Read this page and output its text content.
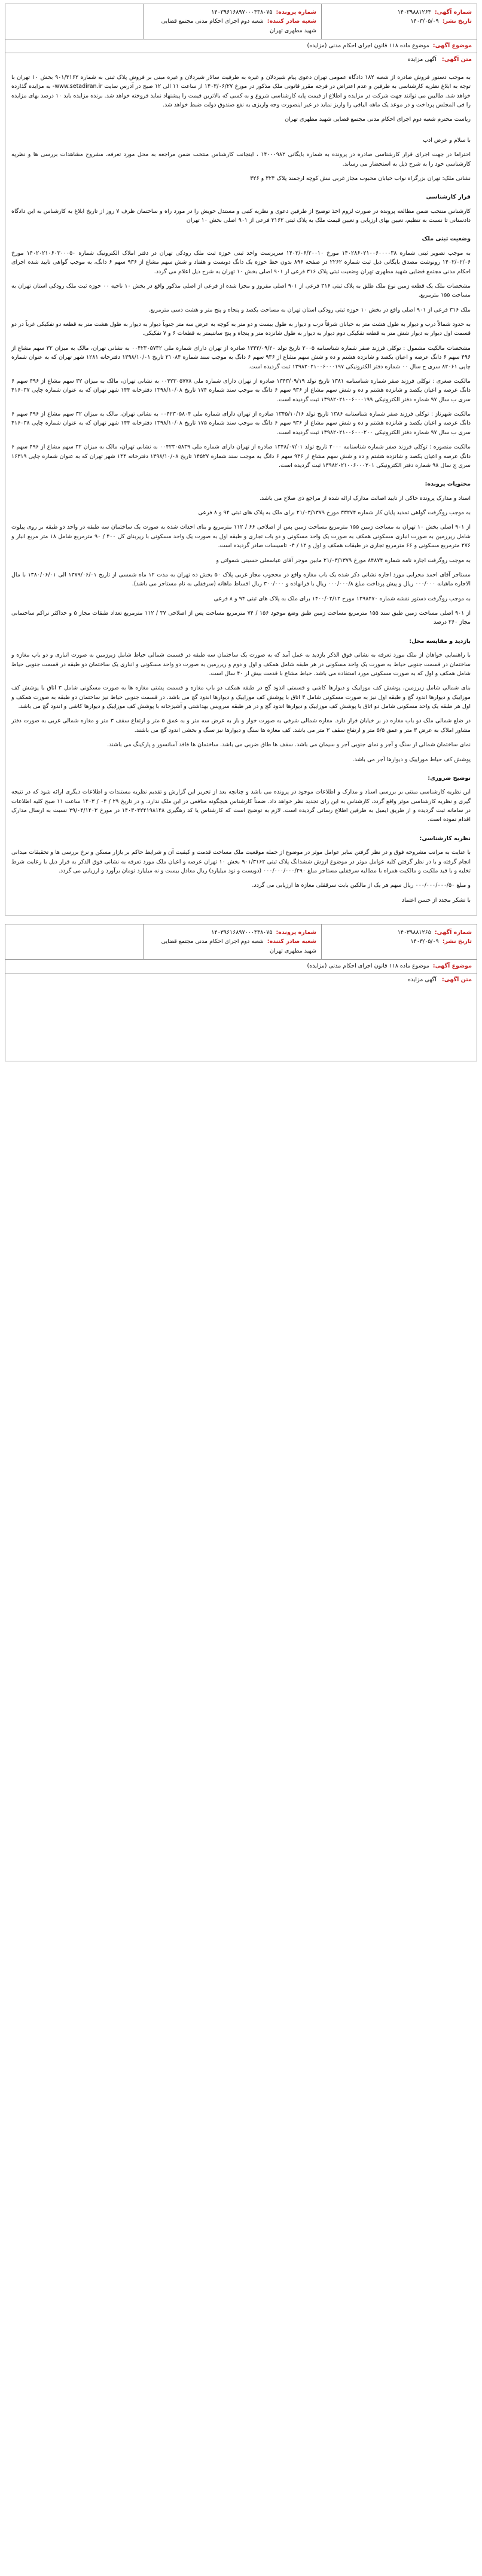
شماره آگهی:۱۴۰۳۹۸۸۱۲۶۴
تاریخ نشر:۱۴۰۳/۰۵/۰۹
شماره پرونده:۱۴۰۳۹۶۱۶۸۹۷۰۰۰۴۳۸۰۷۵
شعبه صادر کننده:شعبه دوم اجرای احکام مدنی مجتمع قضایی شهید مطهری تهران
موضوع آگهی:
موضوع ماده ۱۱۸ قانون اجرای احکام مدنی (مزایده)
متن آگهی: آگهی مزایده

به موجب دستور فروش صادره از شعبه ۱۸۲ دادگاه عمومی تهران دعوی پیام شیردلان و غیره به طرفیت سالار شیردلان و غیره مبنی بر فروش پلاک ثبتی به شماره ۹۰۱/۳۱۶۲ بخش ۱۰ تهران با توجه به ابلاغ نظریه کارشناسی به طرفین و عدم اعتراض در فرجه مقرر قانونی ملک مذکور در مورخ ۱۴۰۳/۰۶/۲۷ از ساعت ۱۱ الی ۱۲ صبح در آدرس سایت www.setadiran.ir- به مزایده گذارده خواهد شد. طالبین می توانند جهت شرکت در مزایده و اطلاع از قیمت پایه کارشناسی شروع و به کسی که بالاترین قیمت را پیشنهاد نماید فروخته خواهد شد. برنده مزایده باید ۱۰ درصد بهای مزایده را فی المجلس پرداخت و در موعد یک ماهه الباقی را واریز نماید در غیر اینصورت وجه واریزی به نفع صندوق دولت ضبط خواهد شد.

ریاست محترم شعبه دوم اجرای احکام مدنی مجتمع قضایی شهید مطهری تهران

با سلام و عرض ادب

احتراما در جهت اجرای قرار کارشناسی صادره در پرونده به شماره بایگانی ۱۴۰۰۰۹۸۲ ، اینجانب کارشناس منتخب ضمن مراجعه به محل مورد تعرفه، مشروح مشاهدات بررسی ها و نظریه کارشناسی خود را به شرح ذیل به استحضار می رساند.

نشانی ملک: تهران بزرگراه نواب خیابان محبوب مجاز غربی نبش کوچه ارجمند پلاک ۳۲۴ و ۳۲۶

قرار کارشناسی

کارشناس منتخب ضمن مطالعه پرونده در صورت لزوم اخذ توضیح از طرفین دعوی و نظریه کتبی و مستدل خویش را در مورد راه و ساختمان ظرف ۷ روز از تاریخ ابلاغ به کارشناس به این دادگاه دادستانی تا نسبت به تنظیم، تعیین بهای ارزیابی و تعیین قیمت ملک به پلاک ثبتی ۳۱۶۲ فرعی از ۹۰۱ اصلی بخش ۱۰ تهران

وضعیت ثبتی ملک

به موجب تصویر ثبتی شماره ۱۴۰۲۸۶۰۲۱۰۰۶۰۰۰۰۳۸ مورخ ۱۴۰۲/۰۶/۲۰۰۱۰ سرپرست واحد ثبتی حوزه ثبت ملک رودکی تهران در دفتر املاک الکترونیک شماره ۱۴۰۲۰۲۱۰۶۰۳۰۰۰۵۰ مورخ ۱۴۰۲/۰۲/۰۶ رونوشت مصدق بایگانی ذیل ثبت شماره ۲۲۶۲ در صفحه ۸۹۶ بدون خط حوزه یک دانگ دویست و هفتاد و شش سهم مشاع از ۹۳۶ سهم ۶ دانگ، به موجب گواهی تایید شده اجرای احکام مدنی مجتمع قضایی شهید مطهری تهران وضعیت ثبتی پلاک ۳۱۶ فرعی از ۹۰۱ اصلی بخش ۱۰ تهران به شرح ذیل اعلام می گردد.

مشخصات ملک یک قطعه زمین نوع ملک طلق به پلاک ثبتی ۳۱۶ فرعی از ۹۰۱ اصلی مفروز و مجزا شده از فرعی از اصلی مذکور واقع در بخش ۱۰ ناحیه ۰۰ حوزه ثبت ملک رودکی استان تهران به مساحت ۱۵۵ مترمربع.

ملک ۳۱۶ فرعی از ۹۰۱ اصلی واقع در بخش ۱۰ حوزه ثبتی رودکی استان تهران به مساحت یکصد و پنجاه و پنج متر و هشت دسی مترمربع.

به حدود شمالاً درب و دیوار به طول هشت متر به خیابان شرقاً درب و دیوار به طول بیست و دو متر به کوچه به عرض سه متر جنوباً دیوار به دیوار به طول هشت متر به قطعه دو تفکیکی غرباً در دو قسمت اول دیوار به دیوار شش متر به قطعه تفکیکی دوم دیوار به دیوار به طول شانزده متر و پنجاه و پنج سانتیمتر به قطعات ۶ و ۷ تفکیکی.

مشخصات مالکیت مشمول : توکلی فرزند صفر شماره شناسنامه ۲۰۰۵ تاریخ تولد ۱۳۴۲/۰۹/۲۰ صادره از تهران دارای شماره ملی ۰۰۴۲۳۰۵۷۳۲ به نشانی تهران، مالک به میزان ۳۲ سهم مشاع از ۴۹۶ سهم ۶ دانگ عرصه و اعیان یکصد و شانزده هشتم و ده و شش سهم مشاع از ۹۳۶ سهم ۶ دانگ به موجب سند شماره ۲۱۰۸۴ تاریخ ۱۳۹۸/۱۰/۰۱ دفترخانه ۱۲۸۱ شهر تهران که به عنوان شماره چاپی ۸۲۰۶۱ سری ج سال ۰۰ شماره دفتر الکترونیکی ۱۳۹۸۲۰۲۱۰۰۶۰۰۰۱۹۷ ثبت گردیده است.

مالکیت صغری : توکلی فرزند صفر شماره شناسنامه ۱۳۸۱ تاریخ تولد ۱۳۴۳/۰۹/۱۹ صادره از تهران دارای شماره ملی ۰۰۴۲۳۰۵۷۷۸ به نشانی تهران، مالک به میزان ۳۲ سهم مشاع از ۴۹۶ سهم ۶ دانگ عرصه و اعیان یکصد و شانزده هشتم و ده و شش سهم مشاع از ۹۳۶ سهم ۶ دانگ به موجب سند شماره ۱۷۴ تاریخ ۱۳۹۸/۱۰/۰۸ دفترخانه ۱۴۴ شهر تهران که به عنوان شماره چاپی ۴۱۶۰۳۷ سری ب سال ۹۷ شماره دفتر الکترونیکی ۱۳۹۸۲۰۲۱۰۰۶۰۰۰۱۹۹ ثبت گردیده است.

مالکیت شهرناز : توکلی فرزند صفر شماره شناسنامه ۱۳۸۶ تاریخ تولد ۱۳۴۵/۱۰/۱۶ صادره از تهران دارای شماره ملی ۰۰۴۲۳۰۵۸۰۴ به نشانی تهران، مالک به میزان ۳۲ سهم مشاع از ۴۹۶ سهم ۶ دانگ عرصه و اعیان یکصد و شانزده هشتم و ده و شش سهم مشاع از ۹۳۶ سهم ۶ دانگ به موجب سند شماره ۱۷۵ تاریخ ۱۳۹۸/۱۰/۰۸ دفترخانه ۱۴۴ شهر تهران که به عنوان شماره چاپی ۴۱۶۰۳۸ سری ب سال ۹۷ شماره دفتر الکترونیکی ۱۳۹۸۲۰۲۱۰۰۶۰۰۰۲۰۰ ثبت گردیده است.

مالکیت منصوره : توکلی فرزند صفر شماره شناسنامه ۲۰۰۰ تاریخ تولد ۱۳۴۸/۰۷/۰۱ صادره از تهران دارای شماره ملی ۰۰۴۲۳۰۵۸۳۹ به نشانی تهران، مالک به میزان ۳۲ سهم مشاع از ۴۹۶ سهم ۶ دانگ عرصه و اعیان یکصد و شانزده هشتم و ده و شش سهم مشاع از ۹۳۶ سهم ۶ دانگ به موجب سند شماره ۱۴۵۲۷ تاریخ ۱۳۹۸/۱۰/۰۸ دفترخانه ۱۴۴ شهر تهران که به عنوان شماره چاپی ۱۶۳۱۹ سری ج سال ۹۸ شماره دفتر الکترونیکی ۱۳۹۸۲۰۲۱۰۰۶۰۰۰۲۰۱ ثبت گردیده است.

محتویات پرونده:

اسناد و مدارک پرونده حاکی از تایید اصالت مدارک ارائه شده از مراجع ذی صلاح می باشد.

به موجب روگرفت گواهی تمدید پایان کار شماره ۳۳۲۷۴ مورخ ۲۱/۰۳/۱۳۷۹ برای ملک به پلاک های ثبتی ۹۴ و ۸ فرعی

از ۹۰۱ اصلی بخش ۱۰ تهران به مساحت زمین ۱۵۵ مترمربع مساحت زمین پس از اصلاحی ۶۶ / ۱۱۲ مترمربع و بنای احداث شده به صورت یک ساختمان سه طبقه در واحد دو طبقه بر روی پیلوت شامل زیرزمین به صورت انباری مسکونی همکف به صورت یک واحد مسکونی و دو باب تجاری و طبقه اول به صورت یک واحد مسکونی با زیربنای کل ۴۰۰ / ۹۰ مترمربع شامل ۱۸ متر مربع انبار و ۲۷۶ مترمربع مسکونی و ۶۶ مترمربع تجاری در طبقات همکف و اول و ۱۲ / ۰۴ تاسیسات صادر گردیده است.

به موجب روگرفت اجاره نامه شماره ۸۴۸۷۴ مورخ ۲۱/۰۳/۱۳۷۹ مابین موجر آقای عباسعلی حسینی شمواتی و

مستاجر آقای احمد محرابی مورد اجاره نشانی ذکر شده یک باب مغازه واقع در محجوب مجاز غربی پلاک ۵۰ بخش ده تهران به مدت ۱۲ ماه شمسی از تاریخ ۱۳۷۹/۰۶/۰۱ الی ۱۳۸۰/۰۶/۰۱ با مال الاجاره ماهیانه ۰۰۰/۰۰۰ ریال و پیش پرداخت مبلغ ۰۰۰/۰۰۰/۸ ریال با فرانهاده و ۳۰۰/۰۰۰ ریال اقساط ماهانه (سرقفلی به نام مستاجر می باشد).

به موجب روگرفت دستور نقشه شماره ۱۲۹۸۴۷۰ مورخ ۱۴۰۰/۰۲/۱۲ برای ملک به پلاک های ثبتی ۹۴ و ۸ فرعی

از ۹۰۱ اصلی مساحت زمین طبق سند ۱۵۵ مترمربع مساحت زمین طبق وضع موجود ۱۵۶ / ۷۴ مترمربع مساحت پس از اصلاحی ۳۷ / ۱۱۲ مترمربع تعداد طبقات مجاز ۵ و حداکثر تراکم ساختمانی مجاز ۲۶۰ درصد

بازدید و مقایسه محل:

با راهنمایی خواهان از ملک مورد تعرفه به نشانی فوق الذکر بازدید به عمل آمد که به صورت یک ساختمان سه طبقه در قسمت شمالی حیاط شامل زیرزمین به صورت انباری و دو باب مغازه و ساختمان در قسمت جنوبی حیاط به صورت یک واحد مسکونی در هر طبقه شامل همکف و اول و دوم و زیرزمین به صورت دو واحد مسکونی و انباری یک ساختمان دو طبقه در قسمت جنوبی حیاط شامل همکف و اول که به صورت مسکونی مورد استفاده می باشد. حیاط مشاع با قدمت بیش از ۴۰ سال است.

بنای شمالی شامل زیرزمین، پوشش کف موزاییک و دیوارها کاشی و قسمتی اندود گچ در طبقه همکف دو باب مغازه و قسمت پشتی مغازه ها به صورت مسکونی شامل ۳ اتاق با پوشش کف موزاییک و دیوارها اندود گچ و طبقه اول نیز به صورت مسکونی شامل ۳ اتاق با پوشش کف موزاییک و دیوارها اندود گچ می باشد. در قسمت جنوبی حیاط نیز ساختمان دو طبقه به صورت همکف و اول هر طبقه یک واحد مسکونی شامل دو اتاق با پوشش کف موزاییک و دیوارها اندود گچ و در هر طبقه سرویس بهداشتی و آشپزخانه با پوشش کف موزاییک و دیوارها کاشی و اندود گچ می باشد.

در ضلع شمالی ملک دو باب مغازه در بر خیابان قرار دارد. مغازه شمالی شرقی به صورت خوار و بار به عرض سه متر و به عمق ۵ متر و ارتفاع سقف ۳ متر و مغازه شمالی غربی به صورت دفتر مشاور املاک به عرض ۳ متر و عمق ۵/۵ متر و ارتفاع سقف ۳ متر می باشد. کف مغازه ها سنگ و دیوارها نیز سنگ و بخشی اندود گچ می باشند.

نمای ساختمان شمالی از سنگ و آجر و نمای جنوبی آجر و سیمان می باشد. سقف ها طاق ضربی می باشد. ساختمان ها فاقد آسانسور و پارکینگ می باشند.

پوشش کف حیاط موزاییک و دیوارها آجر می باشد.

توضیح ضروری:

این نظریه کارشناسی مبتنی بر بررسی اسناد و مدارک و اطلاعات موجود در پرونده می باشد و چنانچه بعد از تحریر این گزارش و تقدیم نظریه مستندات و اطلاعات دیگری ارائه شود که در نتیجه گیری و نظریه کارشناسی موثر واقع گردد، کارشناس به این رای تجدید نظر خواهد داد. ضمناً کارشناس هیچگونه منافعی در این ملک ندارد. و در تاریخ ۲۹ / ۰۴ / ۱۴۰۳ ساعت ۱۱ صبح کلیه اطلاعات در سامانه ثبت گردیده و از طریق ایمیل به طرفین اطلاع رسانی گردیده است. لازم به توضیح است که کارشناس یا کد رهگیری ۱۴۰۳۰۴۲۴۱۹۸۱۴۸ در مورخ ۲۹/۰۴/۱۴۰۳ نسبت به ارسال مدارک اقدام نموده است.

نظریه کارشناسی:

با عنایت به مراتب مشروحه فوق و در نظر گرفتن سایر عوامل موثر در موضوع از جمله موقعیت ملک مساحت قدمت و کیفیت آن و شرایط حاکم بر بازار مسکن و نرخ بررسی ها و تحقیقات میدانی انجام گرفته و با در نظر گرفتن کلیه عوامل موثر در موضوع ارزش ششدانگ پلاک ثبتی ۹۰۱/۳۱۶۲ بخش ۱۰ تهران عرصه و اعیان ملک مورد تعرفه به نشانی فوق الذکر به قرار ذیل با رعایت شرط تخلیه و با قید ملکیت و مالکیت همراه با مطالبه سرقفلی مستاجر مبلغ ۰۰۰/۰۰۰/۰۰۰/۲۹۰ (دویست و نود میلیارد) ریال معادل بیست و نه میلیارد تومان برآورد و ارزیابی می گردد.

و مبلغ ۰۰۰/۰۰۰/۰۰۰/۵۰ ریال سهم هر یک از مالکین بابت سرقفلی مغازه ها ارزیابی می گردد.

با تشکر مجدد از حسن اعتماد

شماره آگهی:۱۴۰۳۹۸۸۱۲۶۵
تاریخ نشر:۱۴۰۳/۰۵/۰۹
شماره پرونده:۱۴۰۳۹۶۱۶۸۹۷۰۰۰۴۳۸۰۷۵
شعبه صادر کننده:شعبه دوم اجرای احکام مدنی مجتمع قضایی شهید مطهری تهران
موضوع آگهی:
موضوع ماده ۱۱۸ قانون اجرای احکام مدنی (مزایده)
متن آگهی: آگهی مزایده
